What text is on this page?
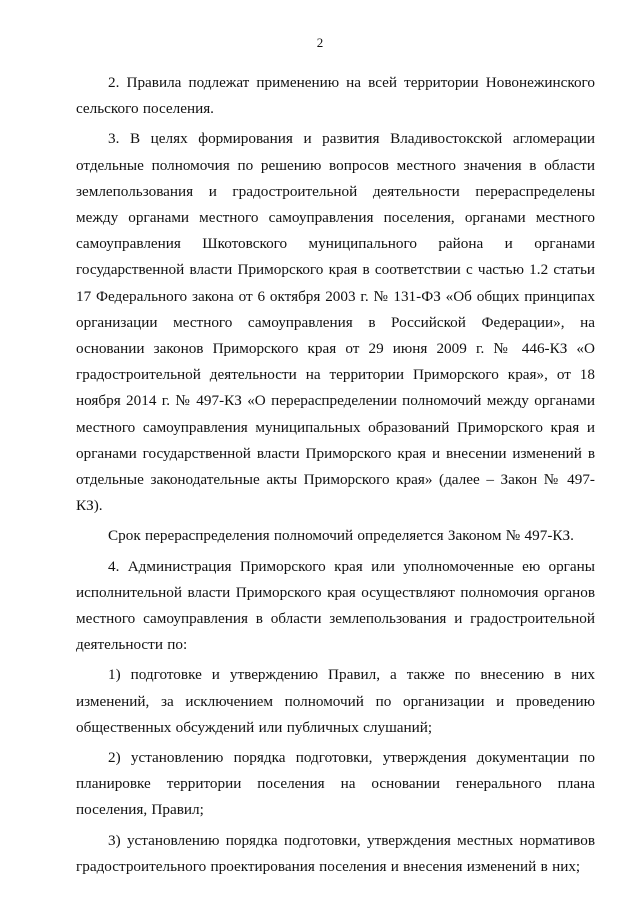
2

2. Правила подлежат применению на всей территории Новонежинского сельского поселения.

3. В целях формирования и развития Владивостокской агломерации отдельные полномочия по решению вопросов местного значения в области землепользования и градостроительной деятельности перераспределены между органами местного самоуправления поселения, органами местного самоуправления Шкотовского муниципального района и органами государственной власти Приморского края в соответствии с частью 1.2 статьи 17 Федерального закона от 6 октября 2003 г. № 131-ФЗ «Об общих принципах организации местного самоуправления в Российской Федерации», на основании законов Приморского края от 29 июня 2009 г. № 446-КЗ «О градостроительной деятельности на территории Приморского края», от 18 ноября 2014 г. № 497-КЗ «О перераспределении полномочий между органами местного самоуправления муниципальных образований Приморского края и органами государственной власти Приморского края и внесении изменений в отдельные законодательные акты Приморского края» (далее – Закон № 497-КЗ).

Срок перераспределения полномочий определяется Законом № 497-КЗ.

4. Администрация Приморского края или уполномоченные ею органы исполнительной власти Приморского края осуществляют полномочия органов местного самоуправления в области землепользования и градостроительной деятельности по:

1) подготовке и утверждению Правил, а также по внесению в них изменений, за исключением полномочий по организации и проведению общественных обсуждений или публичных слушаний;

2) установлению порядка подготовки, утверждения документации по планировке территории поселения на основании генерального плана поселения, Правил;

3) установлению порядка подготовки, утверждения местных нормативов градостроительного проектирования поселения и внесения изменений в них;
